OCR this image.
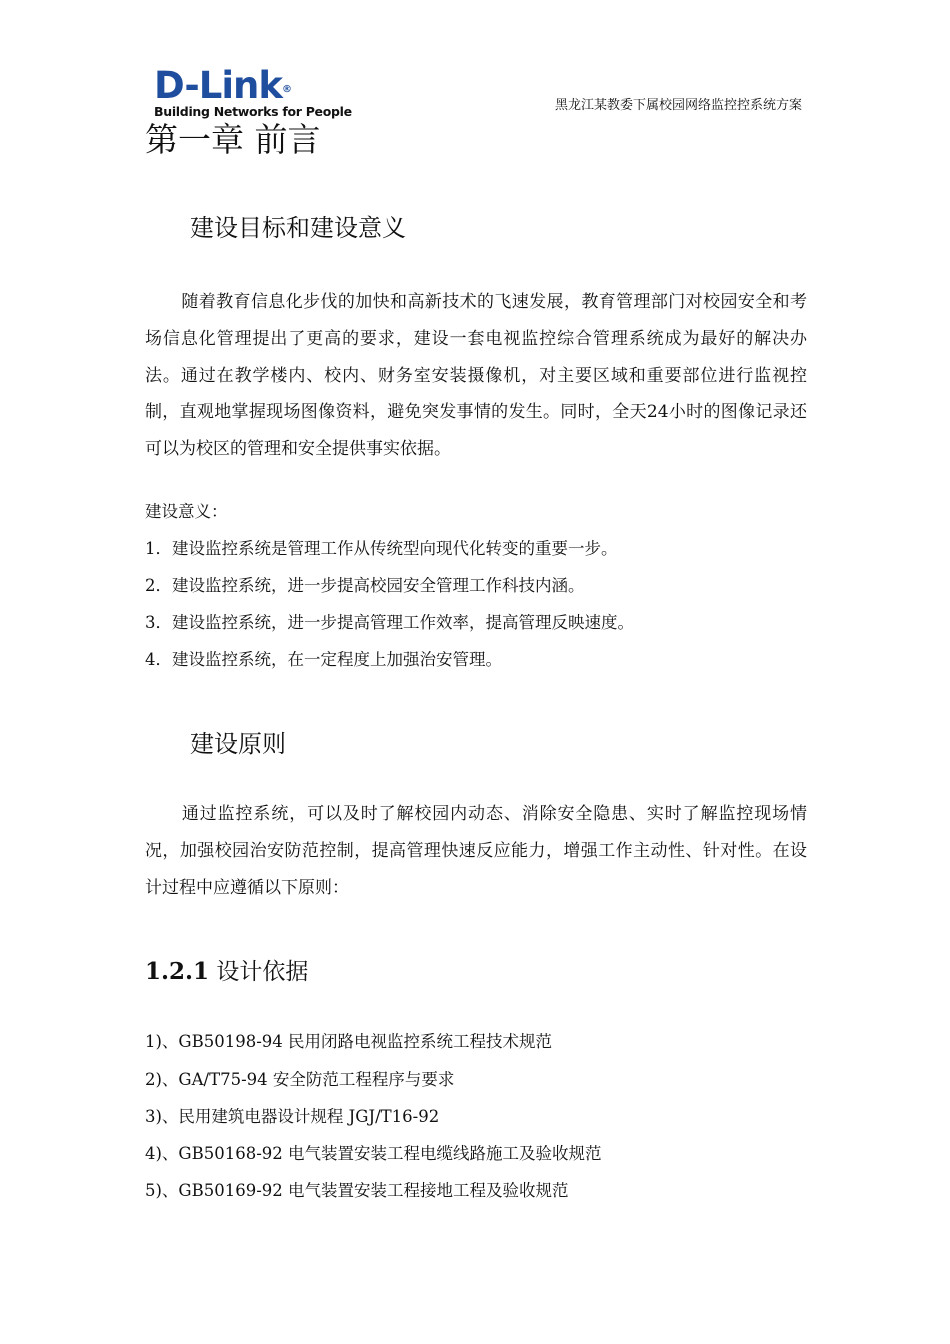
D-Link®
Building Networks for People	黑龙江某教委下属校园网络监控控系统方案
第一章 前言
建设目标和建设意义
随着教育信息化步伐的加快和高新技术的飞速发展，教育管理部门对校园安全和考场信息化管理提出了更高的要求，建设一套电视监控综合管理系统成为最好的解决办法。通过在教学楼内、校内、财务室安装摄像机，对主要区域和重要部位进行监视控制，直观地掌握现场图像资料，避免突发事情的发生。同时，全天24小时的图像记录还可以为校区的管理和安全提供事实依据。
建设意义：
1．建设监控系统是管理工作从传统型向现代化转变的重要一步。
2．建设监控系统，进一步提高校园安全管理工作科技内涵。
3．建设监控系统，进一步提高管理工作效率，提高管理反映速度。
4．建设监控系统，在一定程度上加强治安管理。
建设原则
通过监控系统，可以及时了解校园内动态、消除安全隐患、实时了解监控现场情况，加强校园治安防范控制，提高管理快速反应能力，增强工作主动性、针对性。在设计过程中应遵循以下原则：
1.2.1 设计依据
1)、GB50198-94 民用闭路电视监控系统工程技术规范
2)、GA/T75-94 安全防范工程程序与要求
3)、民用建筑电器设计规程 JGJ/T16-92
4)、GB50168-92 电气装置安装工程电缆线路施工及验收规范
5)、GB50169-92 电气装置安装工程接地工程及验收规范
